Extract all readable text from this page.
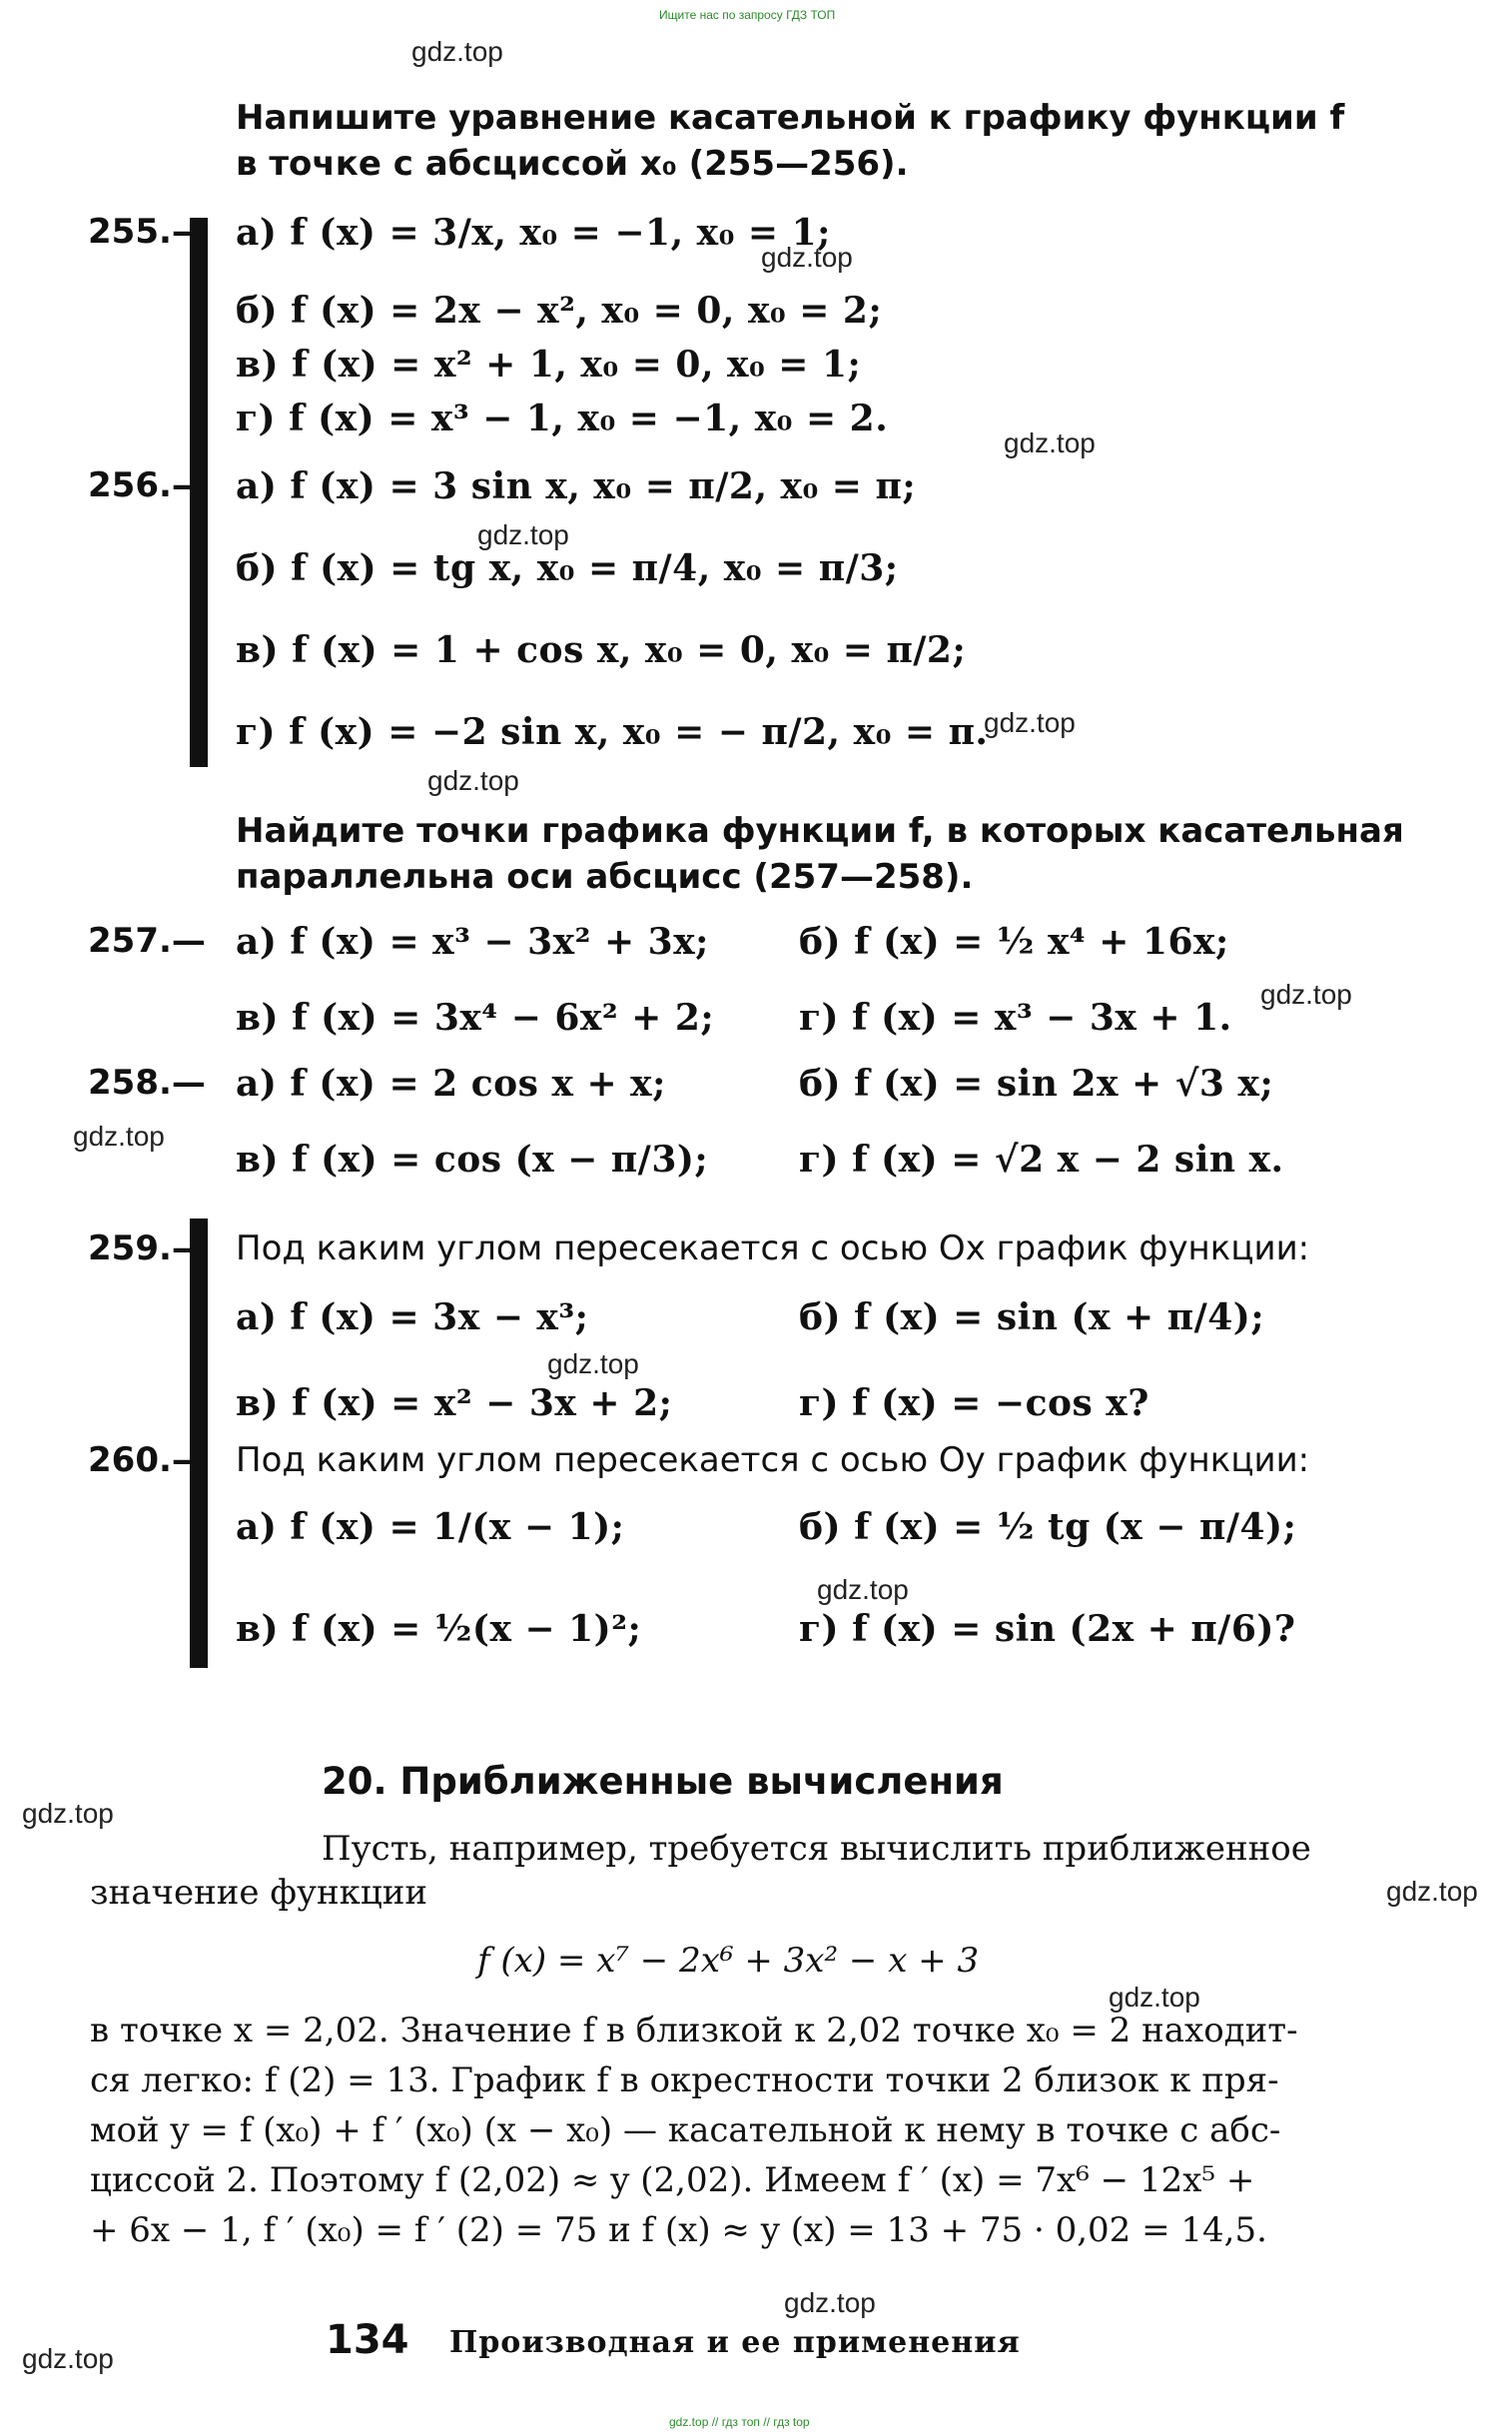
Ищите нас по запросу ГДЗ ТОП
gdz.top
gdz.top
gdz.top
gdz.top
gdz.top
gdz.top
gdz.top
gdz.top
gdz.top
gdz.top
gdz.top
gdz.top
gdz.top
gdz.top
gdz.top
Напишите уравнение касательной к графику функции f
в точке с абсциссой x₀ (255—256).
255.— а) f (x) = 3/x, x₀ = −1, x₀ = 1;
б) f (x) = 2x − x², x₀ = 0, x₀ = 2;
в) f (x) = x² + 1, x₀ = 0, x₀ = 1;
г) f (x) = x³ − 1, x₀ = −1, x₀ = 2.
256.— а) f (x) = 3 sin x, x₀ = π/2, x₀ = π;
б) f (x) = tg x, x₀ = π/4, x₀ = π/3;
в) f (x) = 1 + cos x, x₀ = 0, x₀ = π/2;
г) f (x) = −2 sin x, x₀ = − π/2, x₀ = π.
Найдите точки графика функции f, в которых касательная
параллельна оси абсцисс (257—258).
257.— а) f (x) = x³ − 3x² + 3x;	б) f (x) = ½ x⁴ + 16x;
в) f (x) = 3x⁴ − 6x² + 2; г) f (x) = x³ − 3x + 1.
258.— а) f (x) = 2 cos x + x;	б) f (x) = sin 2x + √3 x;
в) f (x) = cos (x − π/3);	г) f (x) = √2 x − 2 sin x.
259.— Под каким углом пересекается с осью Ox график функции:
а) f (x) = 3x − x³;	б) f (x) = sin (x + π/4);
в) f (x) = x² − 3x + 2;	г) f (x) = −cos x?
260.— Под каким углом пересекается с осью Oy график функции:
а) f (x) = 1/(x − 1);	б) f (x) = ½ tg (x − π/4);
в) f (x) = ½(x − 1)²;	г) f (x) = sin (2x + π/6)?
20. Приближенные вычисления
Пусть, например, требуется вычислить приближенное
значение функции
f (x) = x⁷ − 2x⁶ + 3x² − x + 3
в точке x = 2,02. Значение f в близкой к 2,02 точке x₀ = 2 находит-
ся легко: f (2) = 13. График f в окрестности точки 2 близок к пря-
мой y = f (x₀) + f ′ (x₀) (x − x₀) — касательной к нему в точке с абс-
циссой 2. Поэтому f (2,02) ≈ y (2,02). Имеем f ′ (x) = 7x⁶ − 12x⁵ +
+ 6x − 1, f ′ (x₀) = f ′ (2) = 75 и f (x) ≈ y (x) = 13 + 75 · 0,02 = 14,5.
134 Производная и ее применения
gdz.top // гдз топ // гдз top
